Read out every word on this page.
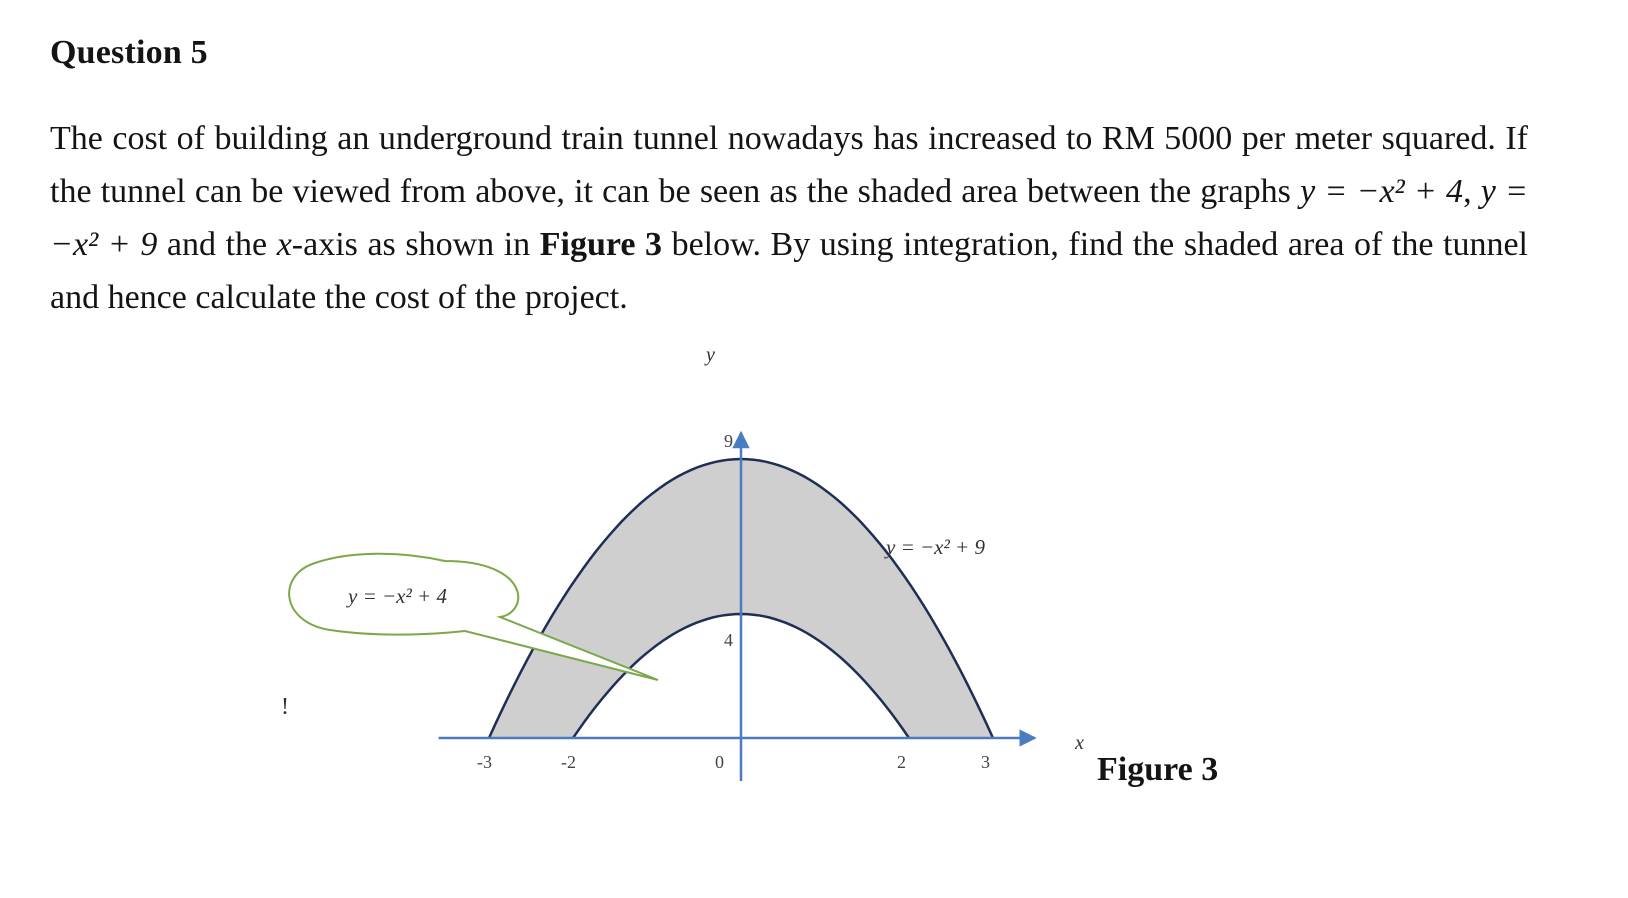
Question 5
The cost of building an underground train tunnel nowadays has increased to RM 5000 per meter squared. If the tunnel can be viewed from above, it can be seen as the shaded area between the graphs y = −x² + 4, y = −x² + 9 and the x-axis as shown in Figure 3 below. By using integration, find the shaded area of the tunnel and hence calculate the cost of the project.
x
y
-3	-2	0	2	3
9
4
y = −x² + 4
y = −x² + 9
!
Figure 3
